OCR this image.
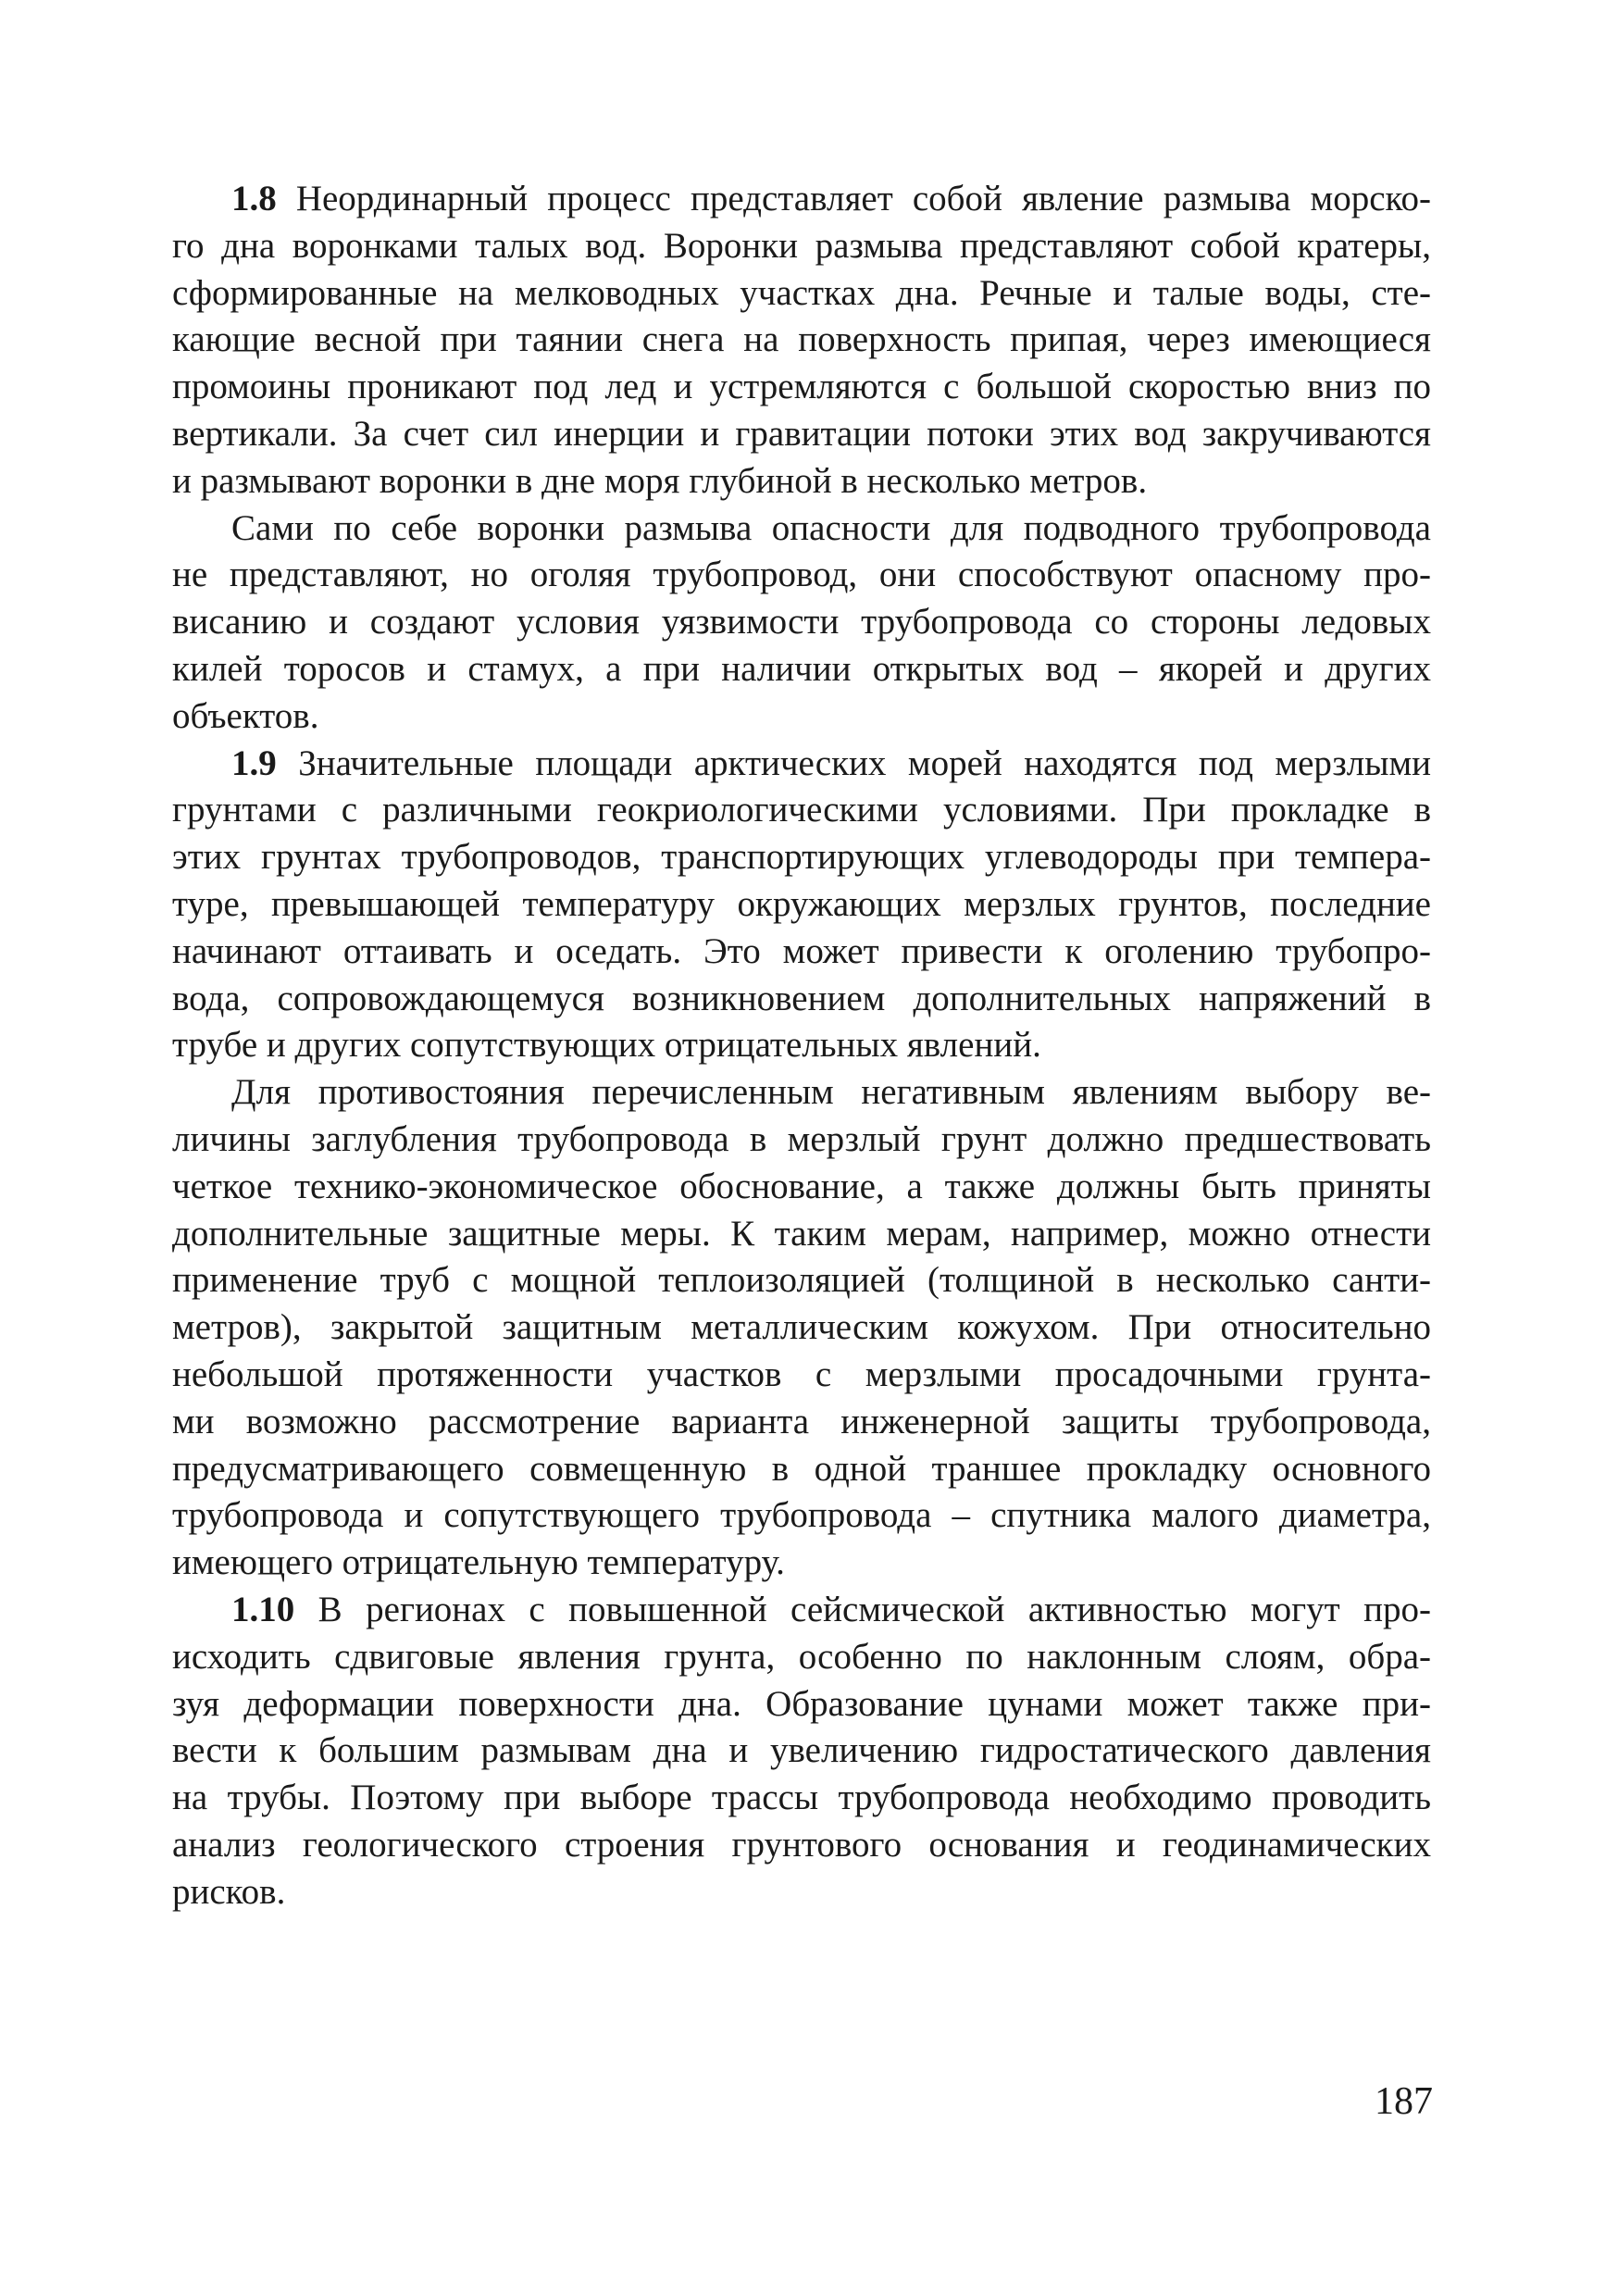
1.8 Неординарный процесс представляет собой явление размыва морско-
го дна воронками талых вод. Воронки размыва представляют собой кратеры,
сформированные на мелководных участках дна. Речные и талые воды, сте-
кающие весной при таянии снега на поверхность припая, через имеющиеся
промоины проникают под лед и устремляются с большой скоростью вниз по
вертикали. За счет сил инерции и гравитации потоки этих вод закручиваются
и размывают воронки в дне моря глубиной в несколько метров.
Сами по себе воронки размыва опасности для подводного трубопровода
не представляют, но оголяя трубопровод, они способствуют опасному про-
висанию и создают условия уязвимости трубопровода со стороны ледовых
килей торосов и стамух, а при наличии открытых вод – якорей и других
объектов.
1.9 Значительные площади арктических морей находятся под мерзлыми
грунтами с различными геокриологическими условиями. При прокладке в
этих грунтах трубопроводов, транспортирующих углеводороды при темпера-
туре, превышающей температуру окружающих мерзлых грунтов, последние
начинают оттаивать и оседать. Это может привести к оголению трубопро-
вода, сопровождающемуся возникновением дополнительных напряжений в
трубе и других сопутствующих отрицательных явлений.
Для противостояния перечисленным негативным явлениям выбору ве-
личины заглубления трубопровода в мерзлый грунт должно предшествовать
четкое технико-экономическое обоснование, а также должны быть приняты
дополнительные защитные меры. К таким мерам, например, можно отнести
применение труб с мощной теплоизоляцией (толщиной в несколько санти-
метров), закрытой защитным металлическим кожухом. При относительно
небольшой протяженности участков с мерзлыми просадочными грунта-
ми возможно рассмотрение варианта инженерной защиты трубопровода,
предусматривающего совмещенную в одной траншее прокладку основного
трубопровода и сопутствующего трубопровода – спутника малого диаметра,
имеющего отрицательную температуру.
1.10 В регионах с повышенной сейсмической активностью могут про-
исходить сдвиговые явления грунта, особенно по наклонным слоям, обра-
зуя деформации поверхности дна. Образование цунами может также при-
вести к большим размывам дна и увеличению гидростатического давления
на трубы. Поэтому при выборе трассы трубопровода необходимо проводить
анализ геологического строения грунтового основания и геодинамических
рисков.
187
